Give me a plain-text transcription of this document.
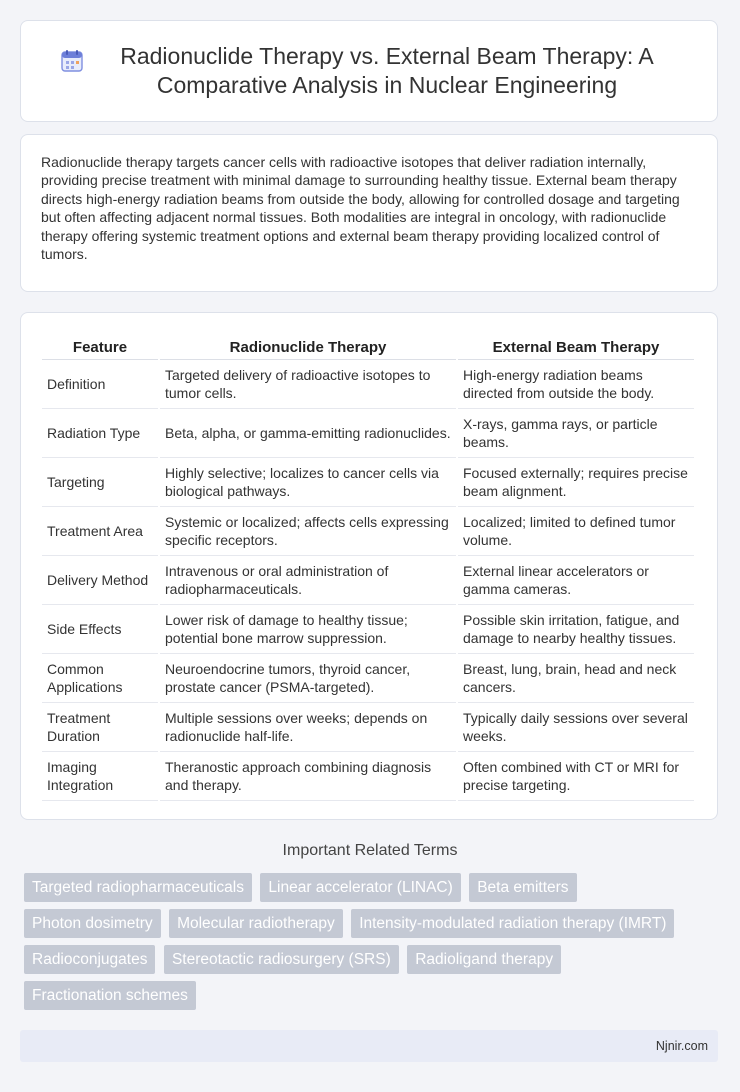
Radionuclide Therapy vs. External Beam Therapy: A Comparative Analysis in Nuclear Engineering

Radionuclide therapy targets cancer cells with radioactive isotopes that deliver radiation internally, providing precise treatment with minimal damage to surrounding healthy tissue. External beam therapy directs high-energy radiation beams from outside the body, allowing for controlled dosage and targeting but often affecting adjacent normal tissues. Both modalities are integral in oncology, with radionuclide therapy offering systemic treatment options and external beam therapy providing localized control of tumors.

Feature	Radionuclide Therapy	External Beam Therapy
Definition	Targeted delivery of radioactive isotopes to tumor cells.	High-energy radiation beams directed from outside the body.
Radiation Type	Beta, alpha, or gamma-emitting radionuclides.	X-rays, gamma rays, or particle beams.
Targeting	Highly selective; localizes to cancer cells via biological pathways.	Focused externally; requires precise beam alignment.
Treatment Area	Systemic or localized; affects cells expressing specific receptors.	Localized; limited to defined tumor volume.
Delivery Method	Intravenous or oral administration of radiopharmaceuticals.	External linear accelerators or gamma cameras.
Side Effects	Lower risk of damage to healthy tissue; potential bone marrow suppression.	Possible skin irritation, fatigue, and damage to nearby healthy tissues.
Common Applications	Neuroendocrine tumors, thyroid cancer, prostate cancer (PSMA-targeted).	Breast, lung, brain, head and neck cancers.
Treatment Duration	Multiple sessions over weeks; depends on radionuclide half-life.	Typically daily sessions over several weeks.
Imaging Integration	Theranostic approach combining diagnosis and therapy.	Often combined with CT or MRI for precise targeting.
Important Related Terms
Targeted radiopharmaceuticals Linear accelerator (LINAC) Beta emitters Photon dosimetry Molecular radiotherapy Intensity-modulated radiation therapy (IMRT) Radioconjugates Stereotactic radiosurgery (SRS) Radioligand therapy Fractionation schemes
Njnir.com
